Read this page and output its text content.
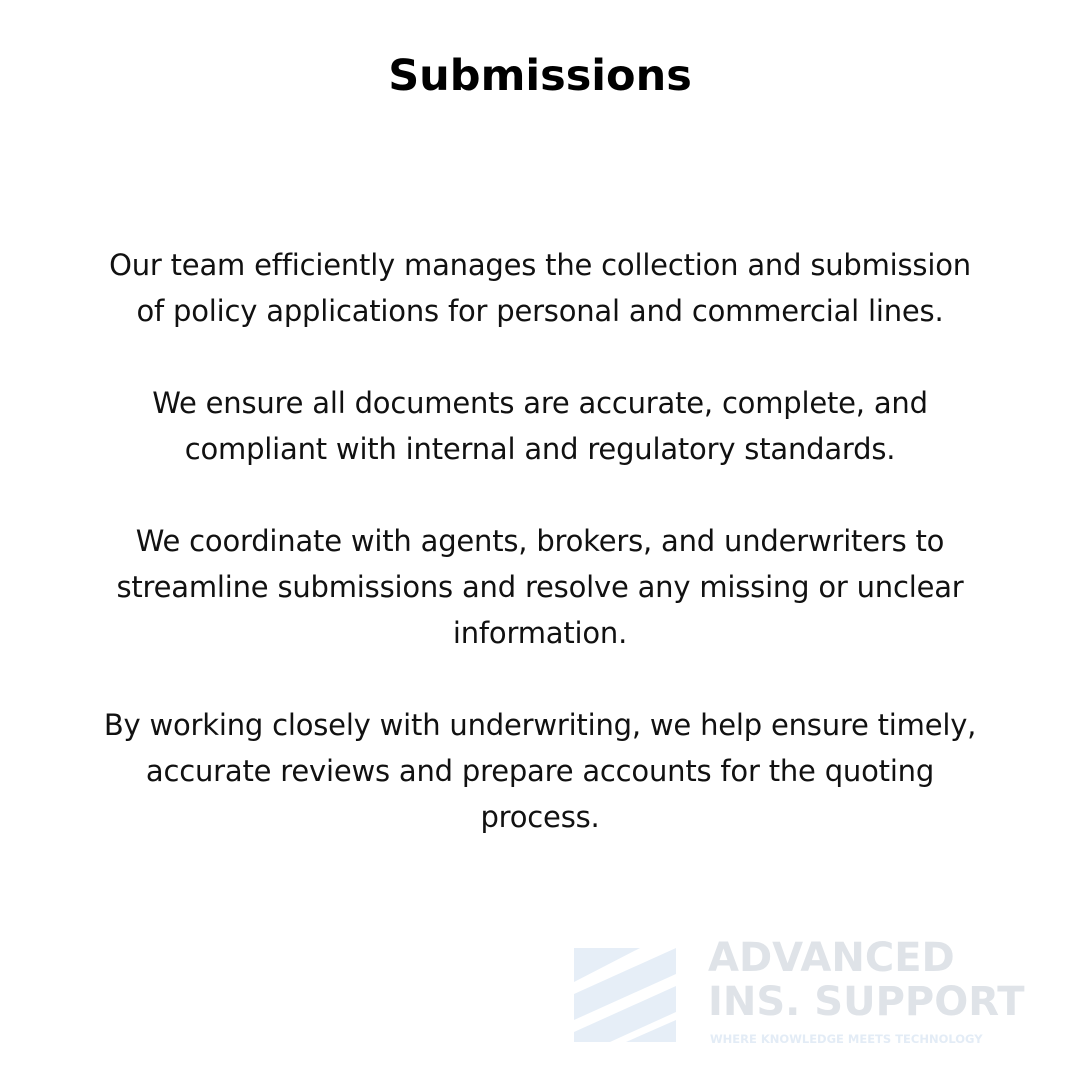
Submissions

Our team efficiently manages the collection and submission
of policy applications for personal and commercial lines.

We ensure all documents are accurate, complete, and
compliant with internal and regulatory standards.

We coordinate with agents, brokers, and underwriters to
streamline submissions and resolve any missing or unclear
information.

By working closely with underwriting, we help ensure timely,
accurate reviews and prepare accounts for the quoting
process.

ADVANCED
INS. SUPPORT
WHERE KNOWLEDGE MEETS TECHNOLOGY
